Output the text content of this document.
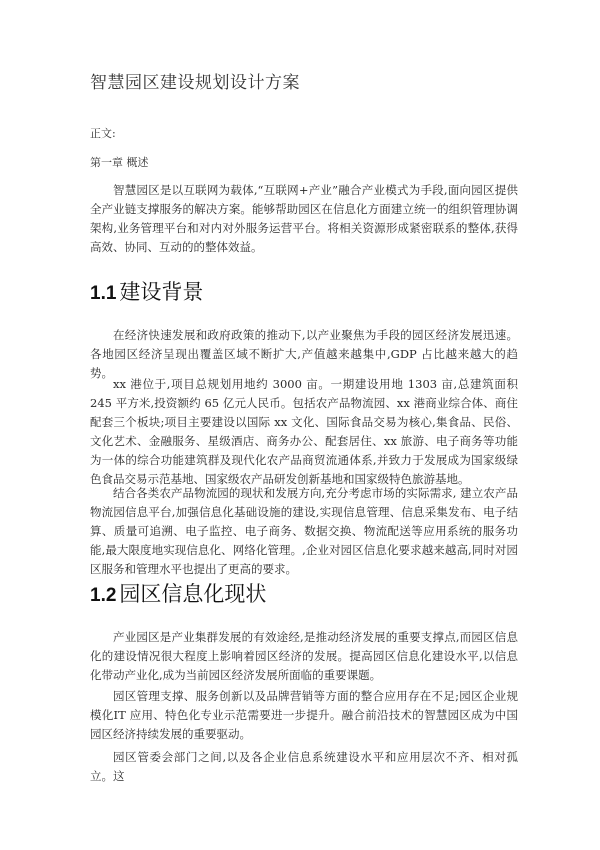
智慧园区建设规划设计方案
正文:
第一章 概述

智慧园区是以互联网为载体,“互联网+产业”融合产业模式为手段,面向园区提供全产业链支撑服务的解决方案。能够帮助园区在信息化方面建立统一的组织管理协调架构,业务管理平台和对内对外服务运营平台。将相关资源形成紧密联系的整体,获得高效、协同、互动的的整体效益。

1.1 建设背景

在经济快速发展和政府政策的推动下,以产业聚焦为手段的园区经济发展迅速。各地园区经济呈现出覆盖区域不断扩大,产值越来越集中,GDP 占比越来越大的趋势。

xx 港位于,项目总规划用地约 3000 亩。一期建设用地 1303 亩,总建筑面积 245 平方米,投资额约 65 亿元人民币。包括农产品物流园、xx 港商业综合体、商住配套三个板块;项目主要建设以国际 xx 文化、国际食品交易为核心,集食品、民俗、文化艺术、金融服务、星级酒店、商务办公、配套居住、xx 旅游、电子商务等功能为一体的综合功能建筑群及现代化农产品商贸流通体系,并致力于发展成为国家级绿色食品交易示范基地、国家级农产品研发创新基地和国家级特色旅游基地。

结合各类农产品物流园的现状和发展方向,充分考虑市场的实际需求, 建立农产品物流园信息平台,加强信息化基础设施的建设,实现信息管理、信息采集发布、电子结算、质量可追溯、电子监控、电子商务、数据交换、物流配送等应用系统的服务功能,最大限度地实现信息化、网络化管理。,企业对园区信息化要求越来越高,同时对园区服务和管理水平也提出了更高的要求。

1.2 园区信息化现状

产业园区是产业集群发展的有效途经,是推动经济发展的重要支撑点,而园区信息化的建设情况很大程度上影响着园区经济的发展。提高园区信息化建设水平,以信息化带动产业化,成为当前园区经济发展所面临的重要课题。

园区管理支撑、服务创新以及品牌营销等方面的整合应用存在不足;园区企业规模化IT 应用、特色化专业示范需要进一步提升。融合前沿技术的智慧园区成为中国园区经济持续发展的重要驱动。

园区管委会部门之间,以及各企业信息系统建设水平和应用层次不齐、相对孤立。这
